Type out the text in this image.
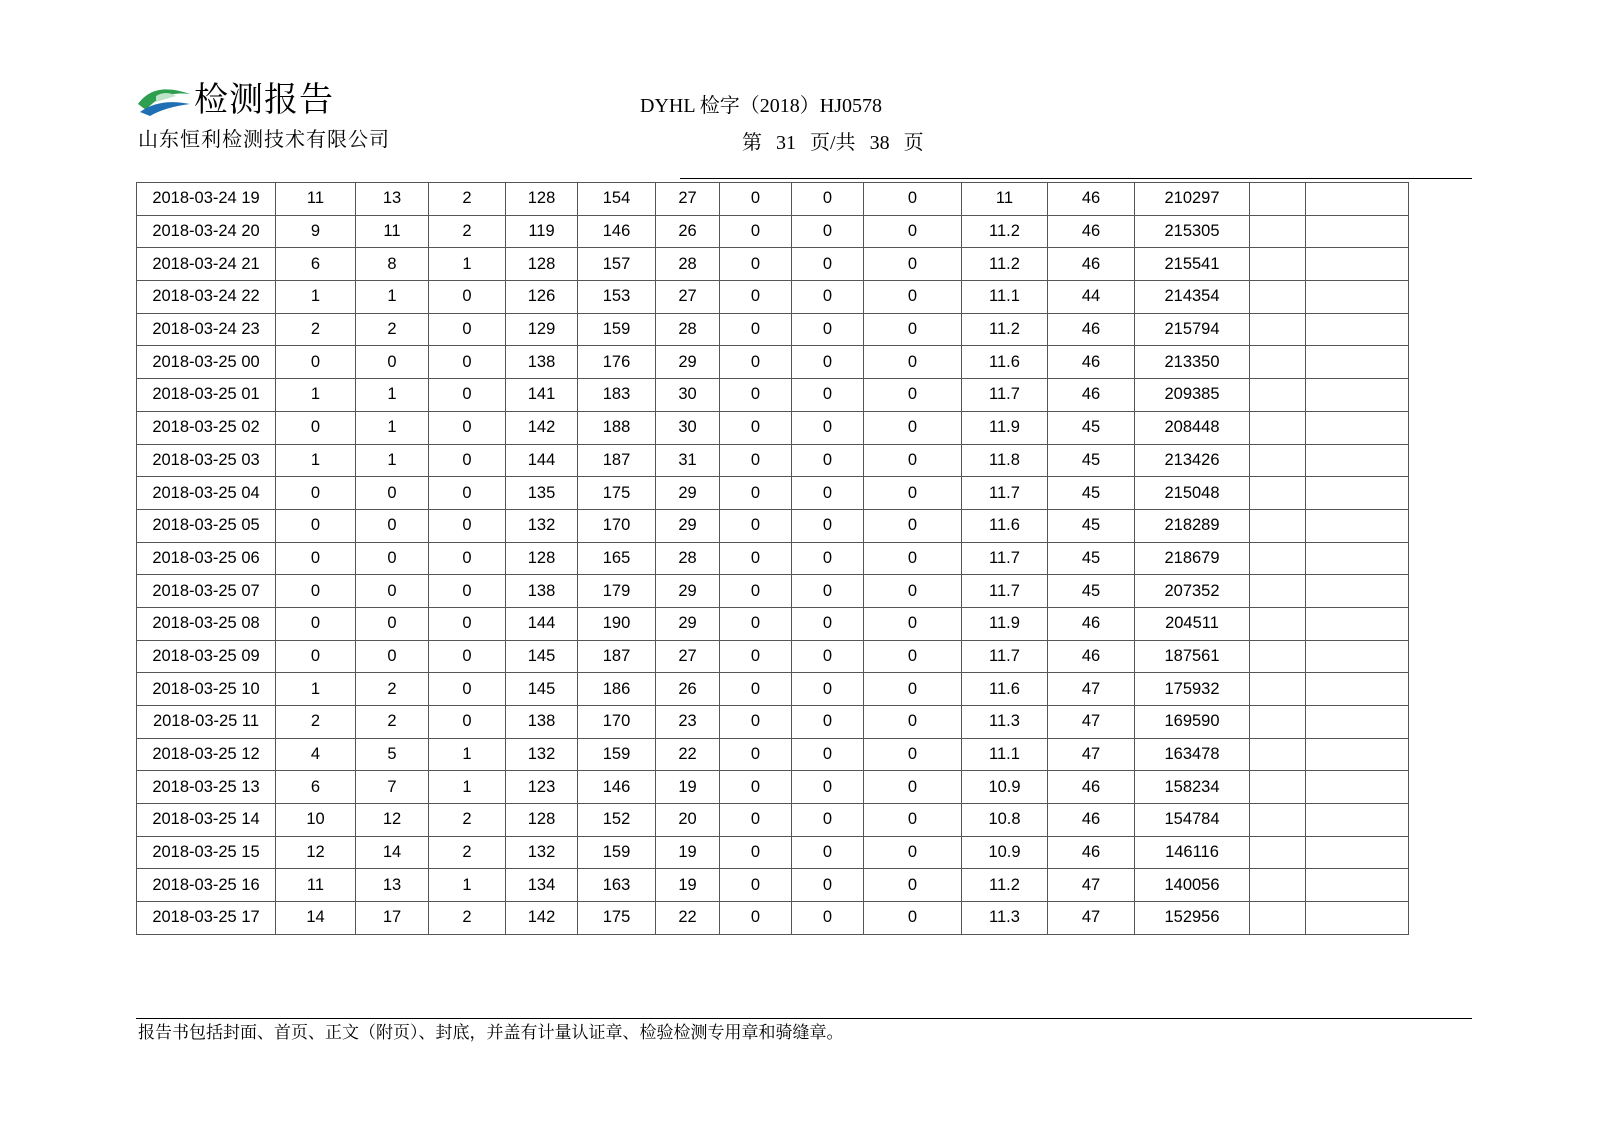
检测报告
山东恒利检测技术有限公司
DYHL 检字（2018）HJ0578
第 31 页/共 38 页
2018-03-24 19	11	13	2	128	154	27	0	0	0	11	46	210297		
2018-03-24 20	9	11	2	119	146	26	0	0	0	11.2	46	215305		
2018-03-24 21	6	8	1	128	157	28	0	0	0	11.2	46	215541		
2018-03-24 22	1	1	0	126	153	27	0	0	0	11.1	44	214354		
2018-03-24 23	2	2	0	129	159	28	0	0	0	11.2	46	215794		
2018-03-25 00	0	0	0	138	176	29	0	0	0	11.6	46	213350		
2018-03-25 01	1	1	0	141	183	30	0	0	0	11.7	46	209385		
2018-03-25 02	0	1	0	142	188	30	0	0	0	11.9	45	208448		
2018-03-25 03	1	1	0	144	187	31	0	0	0	11.8	45	213426		
2018-03-25 04	0	0	0	135	175	29	0	0	0	11.7	45	215048		
2018-03-25 05	0	0	0	132	170	29	0	0	0	11.6	45	218289		
2018-03-25 06	0	0	0	128	165	28	0	0	0	11.7	45	218679		
2018-03-25 07	0	0	0	138	179	29	0	0	0	11.7	45	207352		
2018-03-25 08	0	0	0	144	190	29	0	0	0	11.9	46	204511		
2018-03-25 09	0	0	0	145	187	27	0	0	0	11.7	46	187561		
2018-03-25 10	1	2	0	145	186	26	0	0	0	11.6	47	175932		
2018-03-25 11	2	2	0	138	170	23	0	0	0	11.3	47	169590		
2018-03-25 12	4	5	1	132	159	22	0	0	0	11.1	47	163478		
2018-03-25 13	6	7	1	123	146	19	0	0	0	10.9	46	158234		
2018-03-25 14	10	12	2	128	152	20	0	0	0	10.8	46	154784		
2018-03-25 15	12	14	2	132	159	19	0	0	0	10.9	46	146116		
2018-03-25 16	11	13	1	134	163	19	0	0	0	11.2	47	140056		
2018-03-25 17	14	17	2	142	175	22	0	0	0	11.3	47	152956		
报告书包括封面、首页、正文（附页）、封底，并盖有计量认证章、检验检测专用章和骑缝章。
